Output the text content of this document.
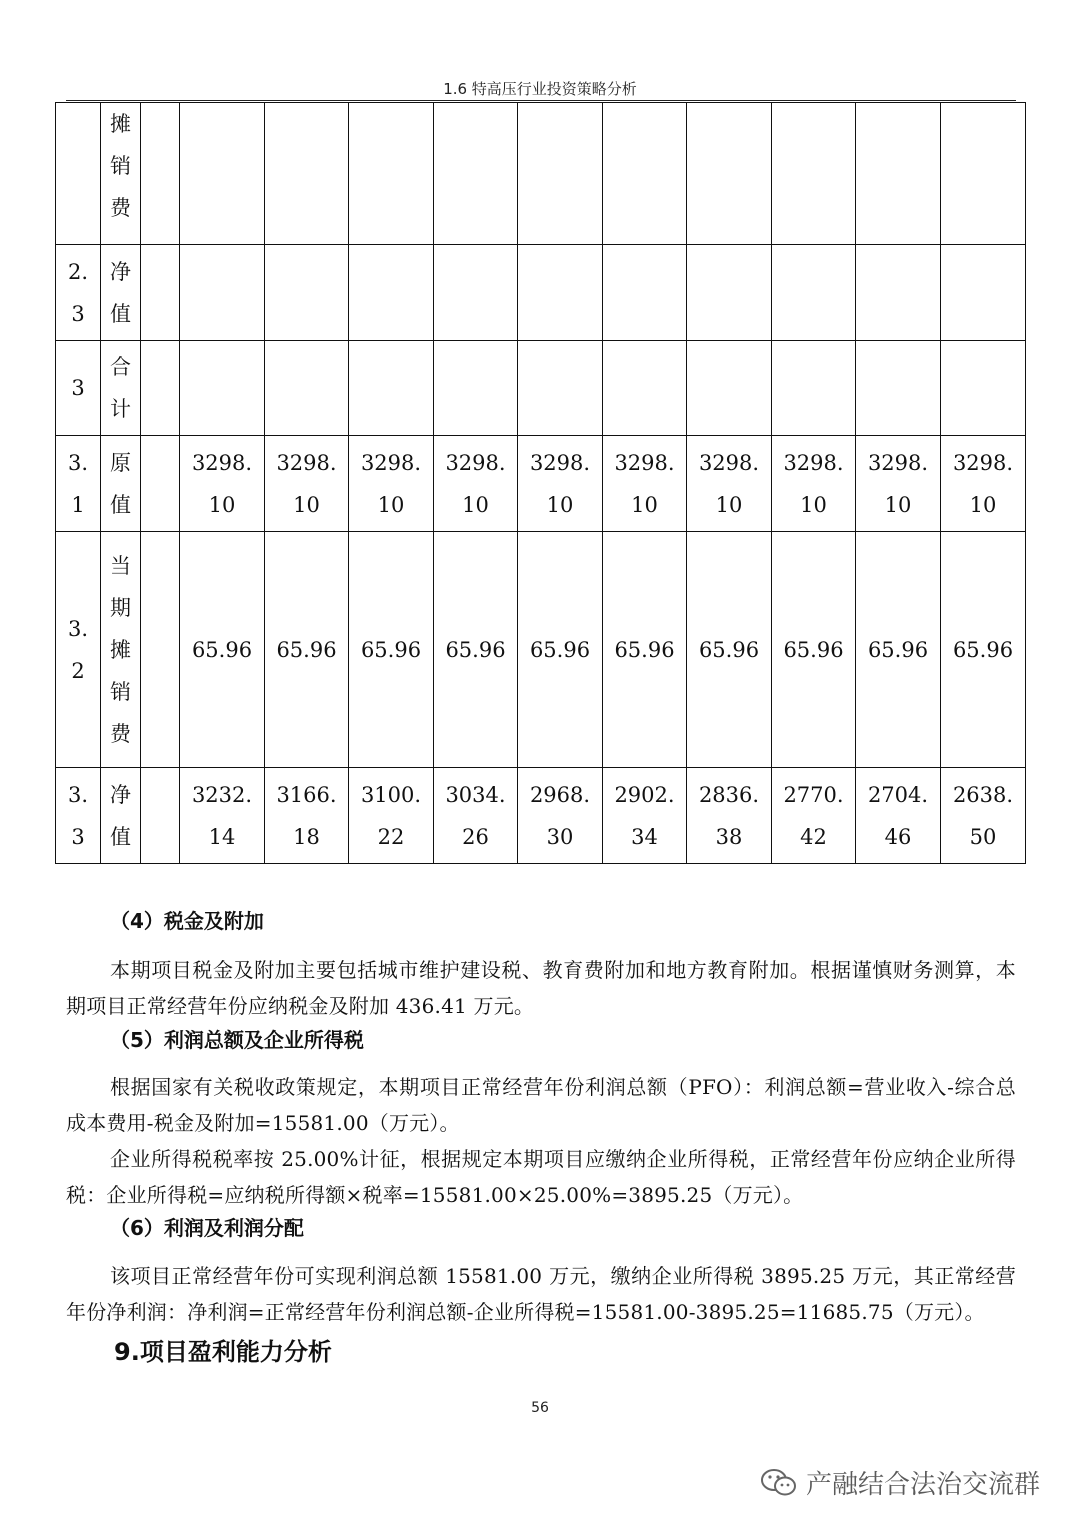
1.6 特高压行业投资策略分析
	摊销费											
2.3	净值											
3	合计											
3.1	原值		3298.10	3298.10	3298.10	3298.10	3298.10	3298.10	3298.10	3298.10	3298.10	3298.10
3.2	当期摊销费		65.96	65.96	65.96	65.96	65.96	65.96	65.96	65.96	65.96	65.96
3.3	净值		3232.14	3166.18	3100.22	3034.26	2968.30	2902.34	2836.38	2770.42	2704.46	2638.50
（4）税金及附加
本期项目税金及附加主要包括城市维护建设税、教育费附加和地方教育附加。根据谨慎财务测算，本期项目正常经营年份应纳税金及附加 436.41 万元。
（5）利润总额及企业所得税
根据国家有关税收政策规定，本期项目正常经营年份利润总额（PFO）：利润总额=营业收入-综合总成本费用-税金及附加=15581.00（万元）。
企业所得税税率按 25.00%计征，根据规定本期项目应缴纳企业所得税，正常经营年份应纳企业所得税：企业所得税=应纳税所得额×税率=15581.00×25.00%=3895.25（万元）。
（6）利润及利润分配
该项目正常经营年份可实现利润总额 15581.00 万元，缴纳企业所得税 3895.25 万元，其正常经营年份净利润：净利润=正常经营年份利润总额-企业所得税=15581.00-3895.25=11685.75（万元）。
9.项目盈利能力分析
56
产融结合法治交流群
